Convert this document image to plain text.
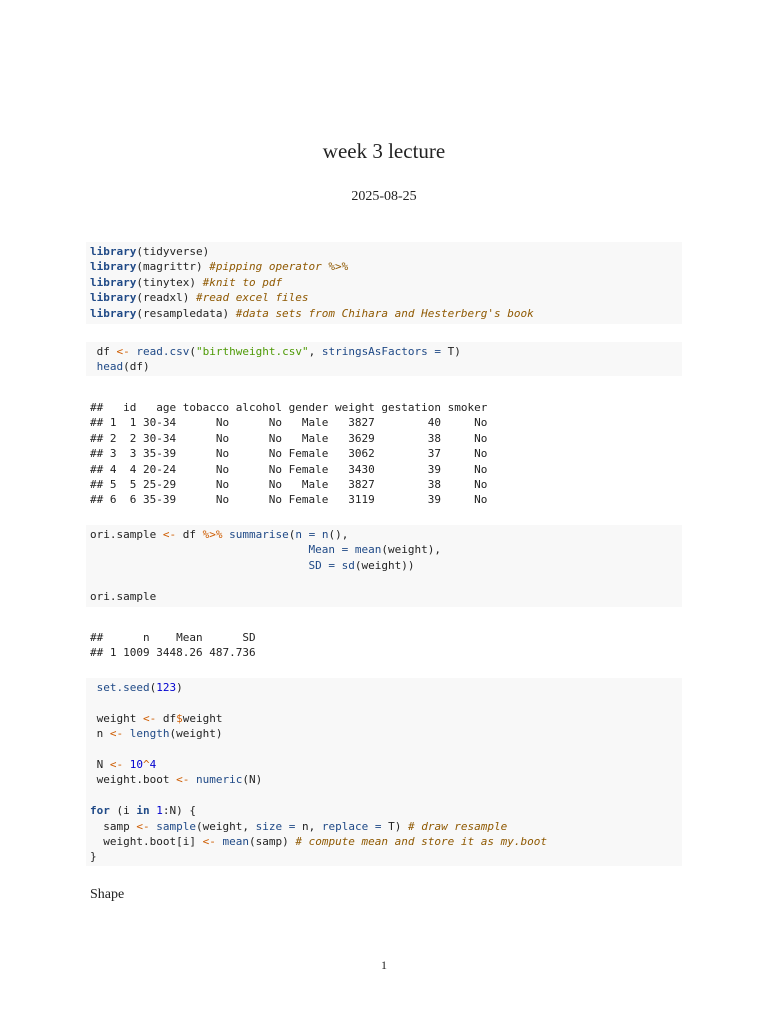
week 3 lecture
2025-08-25
library(tidyverse)
library(magrittr) #pipping operator %>%
library(tinytex) #knit to pdf
library(readxl) #read excel files
library(resampledata) #data sets from Chihara and Hesterberg's book
df <- read.csv("birthweight.csv", stringsAsFactors = T)
head(df)
##   id   age tobacco alcohol gender weight gestation smoker
## 1  1 30-34      No      No   Male   3827        40     No
## 2  2 30-34      No      No   Male   3629        38     No
## 3  3 35-39      No      No Female   3062        37     No
## 4  4 20-24      No      No Female   3430        39     No
## 5  5 25-29      No      No   Male   3827        38     No
## 6  6 35-39      No      No Female   3119        39     No
ori.sample <- df %>% summarise(n = n(),
Mean = mean(weight),
SD = sd(weight))

ori.sample
##      n    Mean      SD
## 1 1009 3448.26 487.736
set.seed(123)

weight <- df$weight
n <- length(weight)

N <- 10^4
weight.boot <- numeric(N)

for (i in 1:N) {
samp <- sample(weight, size = n, replace = T) # draw resample
weight.boot[i] <- mean(samp) # compute mean and store it as my.boot
}
Shape
1
